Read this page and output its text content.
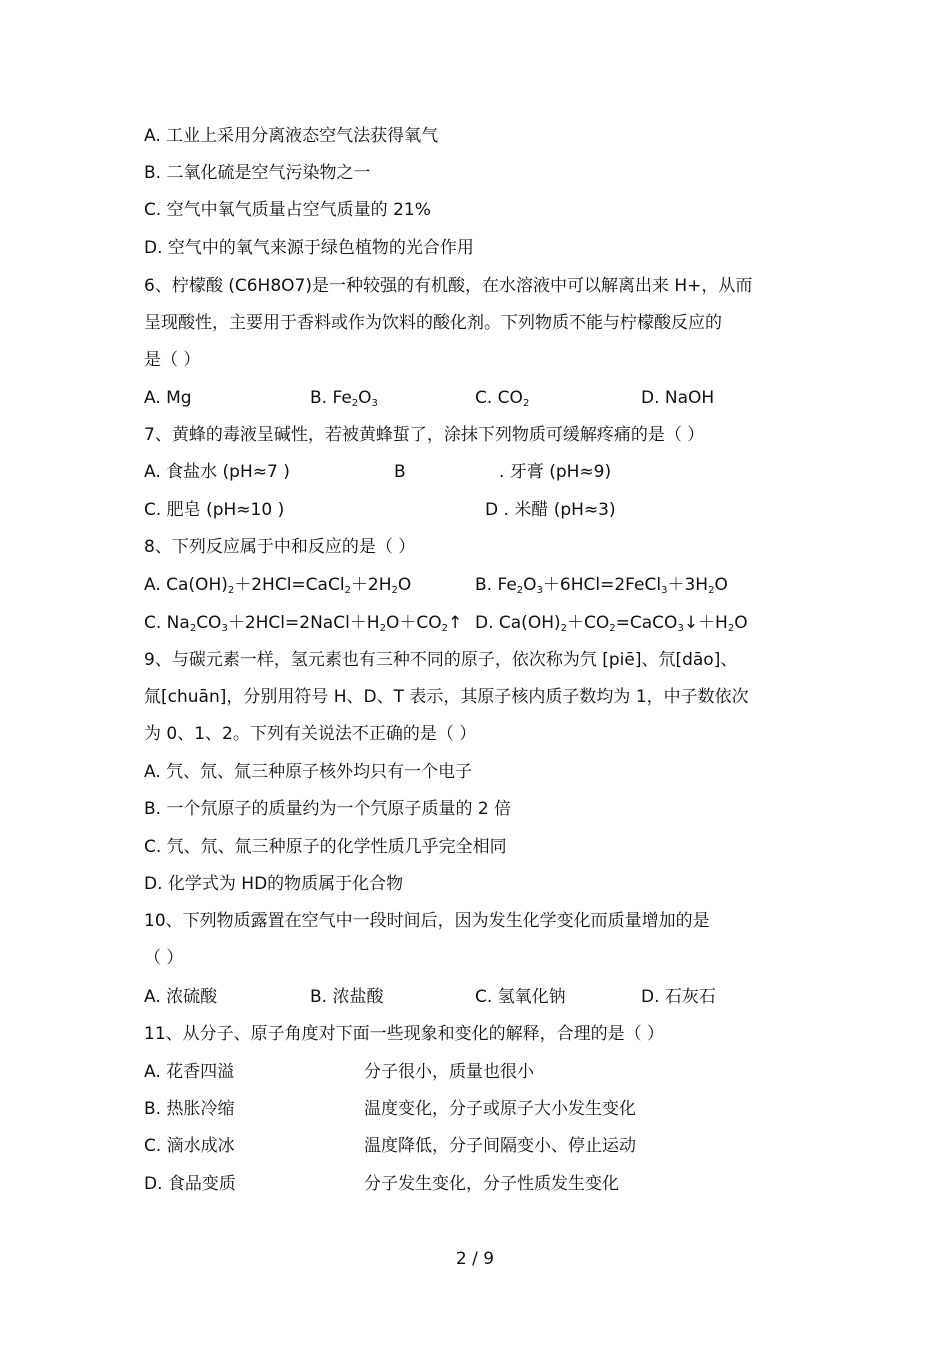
A. 工业上采用分离液态空气法获得氧气
B. 二氧化硫是空气污染物之一
C. 空气中氧气质量占空气质量的 21%
D. 空气中的氧气来源于绿色植物的光合作用
6、柠檬酸 (C6H8O7)是一种较强的有机酸，在水溶液中可以解离出来 H+，从而
呈现酸性，主要用于香料或作为饮料的酸化剂。下列物质不能与柠檬酸反应的
是（ ）
A. Mg	B. $Fe_2O_3$	C. $CO_2$	D. NaOH
7、黄蜂的毒液呈碱性，若被黄蜂蜇了，涂抹下列物质可缓解疼痛的是（ ）
A. 食盐水 (pH≈7 )	B	. 牙膏 (pH≈9)
C. 肥皂 (pH≈10 )	D . 米醋 (pH≈3)
8、下列反应属于中和反应的是（ ）
A. $Ca(OH)_2+2HCl=CaCl_2+2H_2O$	B. $Fe_2O_3+6HCl=2FeCl_3+3H_2O$
C. $Na_2CO_3+2HCl=2NaCl+H_2O+CO_2↑$ D. $Ca(OH)_2+CO_2=CaCO_3↓+H_2O$
9、与碳元素一样，氢元素也有三种不同的原子，依次称为氕 [piē]、氘[dāo]、
氚[chuān]，分别用符号 H、D、T 表示，其原子核内质子数均为 1，中子数依次
为 0、1、2。下列有关说法不正确的是（ ）
A. 氕、氘、氚三种原子核外均只有一个电子
B. 一个氘原子的质量约为一个氕原子质量的 2 倍
C. 氕、氘、氚三种原子的化学性质几乎完全相同
D. 化学式为 HD的物质属于化合物
10、下列物质露置在空气中一段时间后，因为发生化学变化而质量增加的是
（ ）
A. 浓硫酸	B. 浓盐酸	C. 氢氧化钠	D. 石灰石
11、从分子、原子角度对下面一些现象和变化的解释，合理的是（ ）
A. 花香四溢	分子很小，质量也很小
B. 热胀冷缩	温度变化，分子或原子大小发生变化
C. 滴水成冰	温度降低，分子间隔变小、停止运动
D. 食品变质	分子发生变化，分子性质发生变化
2 / 9
